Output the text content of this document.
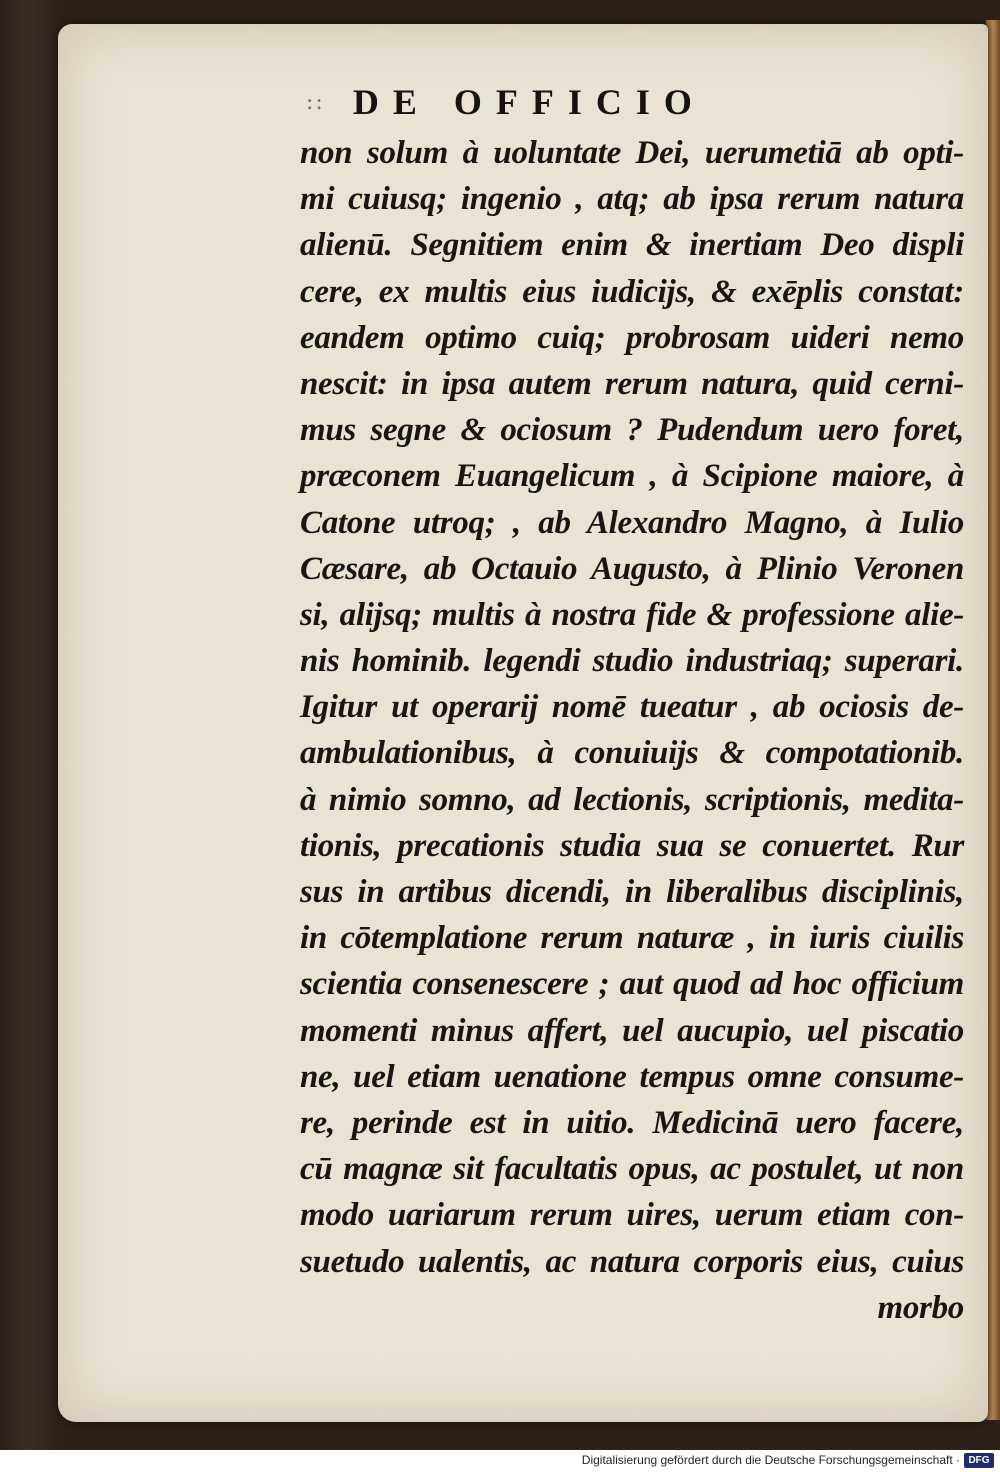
:: DE OFFICIO
non solum à uoluntate Dei, uerumetiā ab opti-
mi cuiusq; ingenio , atq; ab ipsa rerum natura
alienū. Segnitiem enim & inertiam Deo displi
cere, ex multis eius iudicijs, & exēplis constat:
eandem optimo cuiq; probrosam uideri nemo
nescit: in ipsa autem rerum natura, quid cerni-
mus segne & ociosum ? Pudendum uero foret,
præconem Euangelicum , à Scipione maiore, à
Catone utroq; , ab Alexandro Magno, à Iulio
Cæsare, ab Octauio Augusto, à Plinio Veronen
si, alijsq; multis à nostra fide & professione alie-
nis hominib. legendi studio industriaq; superari.
Igitur ut operarij nomē tueatur , ab ociosis de-
ambulationibus, à conuiuijs & compotationib.
à nimio somno, ad lectionis, scriptionis, medita-
tionis, precationis studia sua se conuertet. Rur
sus in artibus dicendi, in liberalibus disciplinis,
in cōtemplatione rerum naturæ , in iuris ciuilis
scientia consenescere ; aut quod ad hoc officium
momenti minus affert, uel aucupio, uel piscatio
ne, uel etiam uenatione tempus omne consume-
re, perinde est in uitio. Medicinā uero facere,
cū magnæ sit facultatis opus, ac postulet, ut non
modo uariarum rerum uires, uerum etiam con-
suetudo ualentis, ac natura corporis eius, cuius
morbo
Digitalisierung gefördert durch die Deutsche Forschungsgemeinschaft · DFG
